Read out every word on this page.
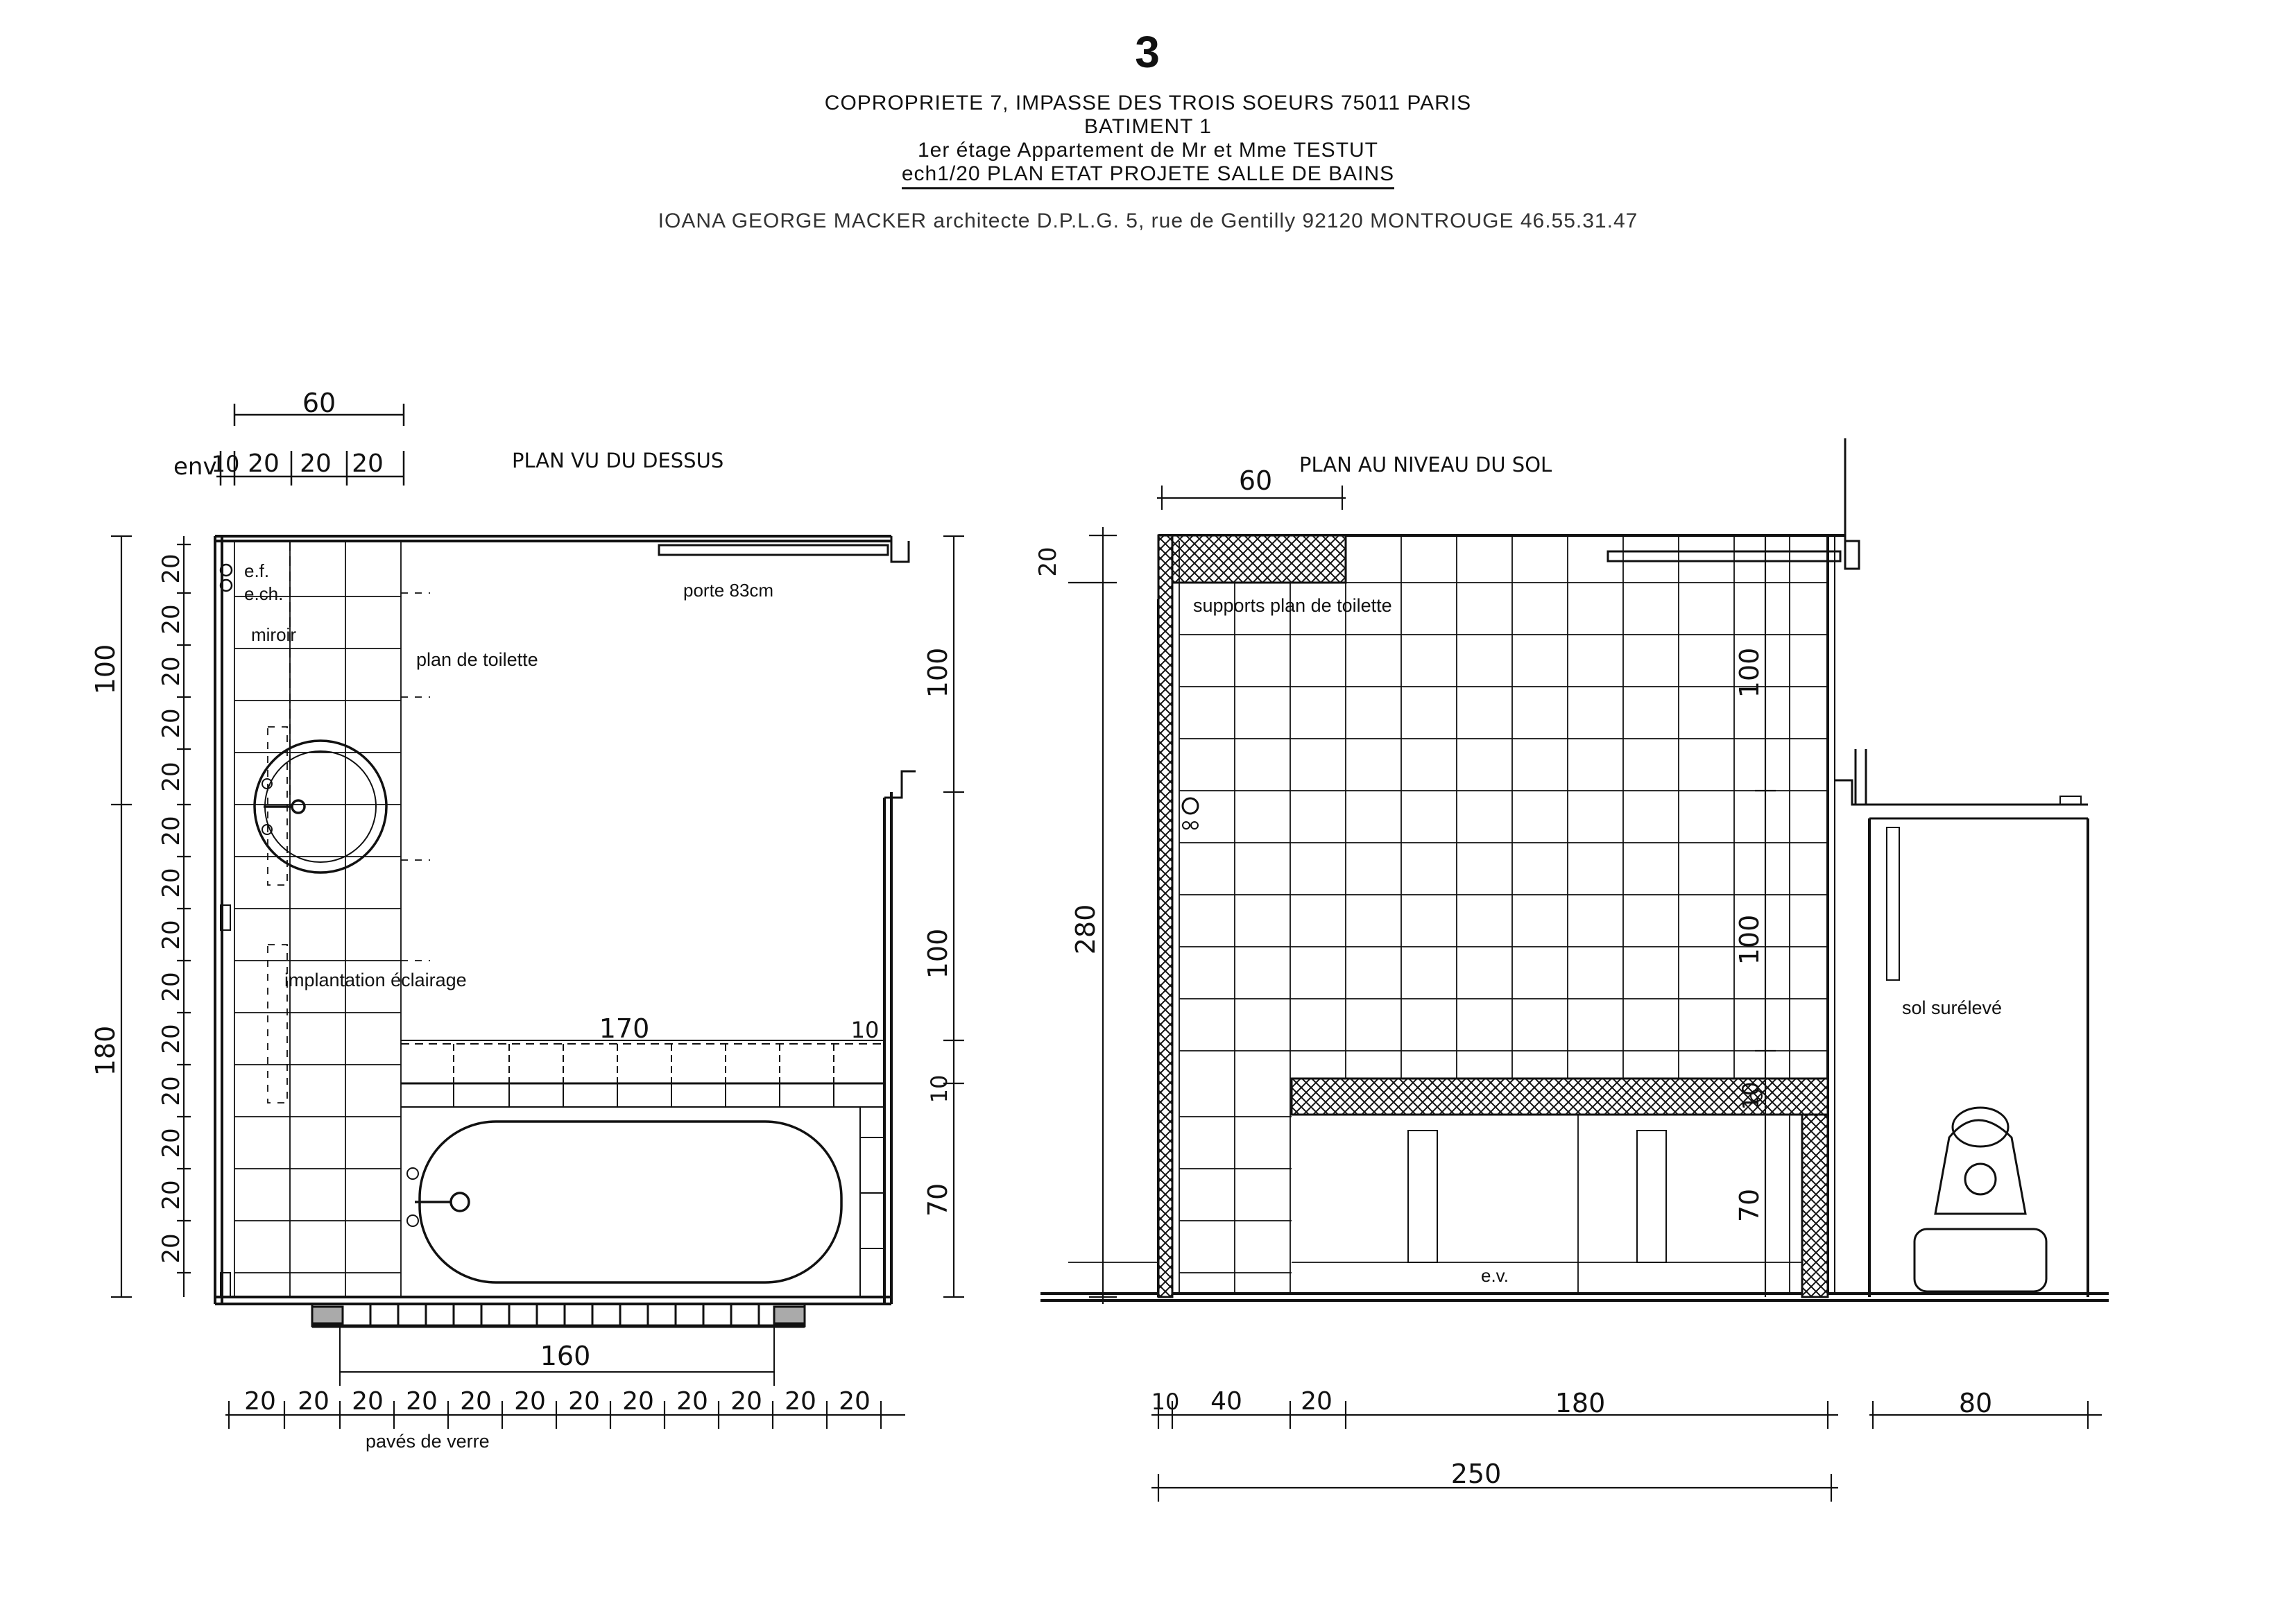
3
COPROPRIETE 7, IMPASSE DES TROIS SOEURS 75011 PARIS
BATIMENT 1
1er étage Appartement de Mr et Mme TESTUT
ech1/20 PLAN ETAT PROJETE SALLE DE BAINS
IOANA GEORGE MACKER architecte D.P.L.G. 5, rue de Gentilly 92120 MONTROUGE 46.55.31.47
PLAN VU DU DESSUS
60
env
10 20 20 20
e.f.
e.ch.
miroir
porte 83cm
plan de toilette
implantation éclairage
170	10
160
100
180
20
20
20
20
20
20
20
20
20
20
20
20
20
20
100
100
10
70
20 20 20 20 20 20 20 20 20 20 20 20
pavés de verre
PLAN AU NIVEAU DU SOL
60
supports plan de toilette
sol surélevé
e.v.
20
280
100
100
10
70
10 40 20	180	80
250
